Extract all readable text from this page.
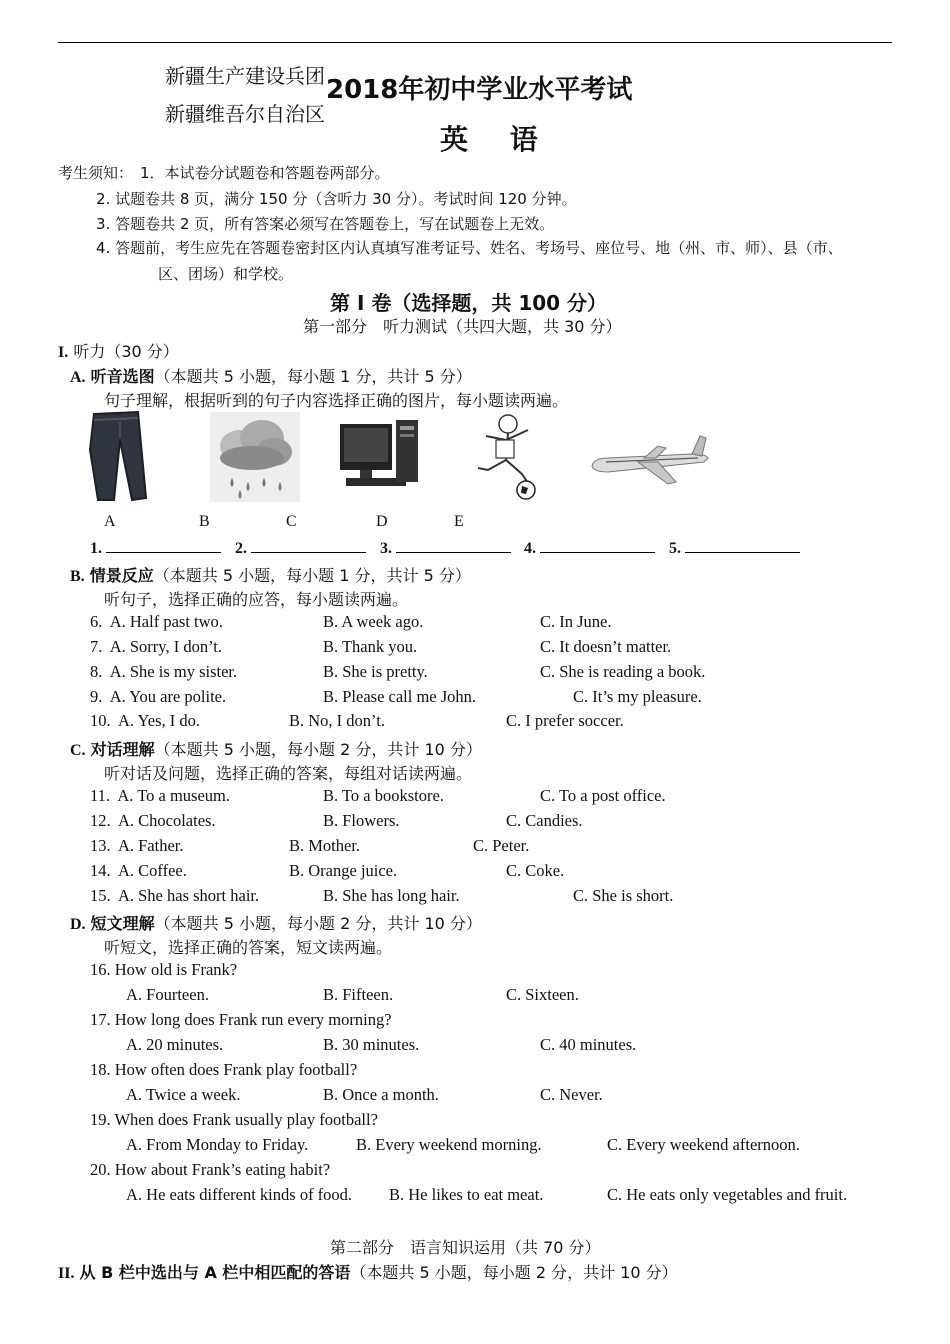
新疆生产建设兵团
新疆维吾尔自治区
2018年初中学业水平考试
英 语
考生须知： 1．本试卷分试题卷和答题卷两部分。
2. 试题卷共 8 页，满分 150 分（含听力 30 分）。考试时间 120 分钟。
3. 答题卷共 2 页，所有答案必须写在答题卷上，写在试题卷上无效。
4. 答题前，考生应先在答题卷密封区内认真填写准考证号、姓名、考场号、座位号、地（州、市、师）、县（市、
区、团场）和学校。
第 I 卷（选择题，共 100 分）
第一部分　听力测试（共四大题，共 30 分）
I. 听力（30 分）
A. 听音选图（本题共 5 小题，每小题 1 分，共计 5 分）
句子理解，根据听到的句子内容选择正确的图片，每小题读两遍。
A	B	C	D	E
1.	2.	3.	4.	5.
B. 情景反应（本题共 5 小题，每小题 1 分，共计 5 分）
听句子，选择正确的应答，每小题读两遍。
6. A. Half past two.	B. A week ago.	C. In June.
7. A. Sorry, I don’t.	B. Thank you.	C. It doesn’t matter.
8. A. She is my sister.	B. She is pretty.	C. She is reading a book.
9. A. You are polite.	B. Please call me John.	C. It’s my pleasure.
10. A. Yes, I do.	B. No, I don’t.	C. I prefer soccer.
C. 对话理解（本题共 5 小题，每小题 2 分，共计 10 分）
听对话及问题，选择正确的答案，每组对话读两遍。
11. A. To a museum.	B. To a bookstore.	C. To a post office.
12. A. Chocolates.	B. Flowers.	C. Candies.
13. A. Father.	B. Mother.	C. Peter.
14. A. Coffee.	B. Orange juice.	C. Coke.
15. A. She has short hair.	B. She has long hair.	C. She is short.
D. 短文理解（本题共 5 小题，每小题 2 分，共计 10 分）
听短文，选择正确的答案，短文读两遍。
16. How old is Frank?
A. Fourteen.	B. Fifteen.	C. Sixteen.
17. How long does Frank run every morning?
A. 20 minutes.	B. 30 minutes.	C. 40 minutes.
18. How often does Frank play football?
A. Twice a week.	B. Once a month.	C. Never.
19. When does Frank usually play football?
A. From Monday to Friday.	B. Every weekend morning.	C. Every weekend afternoon.
20. How about Frank’s eating habit?
A. He eats different kinds of food. B. He likes to eat meat.	C. He eats only vegetables and fruit.
第二部分　语言知识运用（共 70 分）
II. 从 B 栏中选出与 A 栏中相匹配的答语（本题共 5 小题，每小题 2 分，共计 10 分）
